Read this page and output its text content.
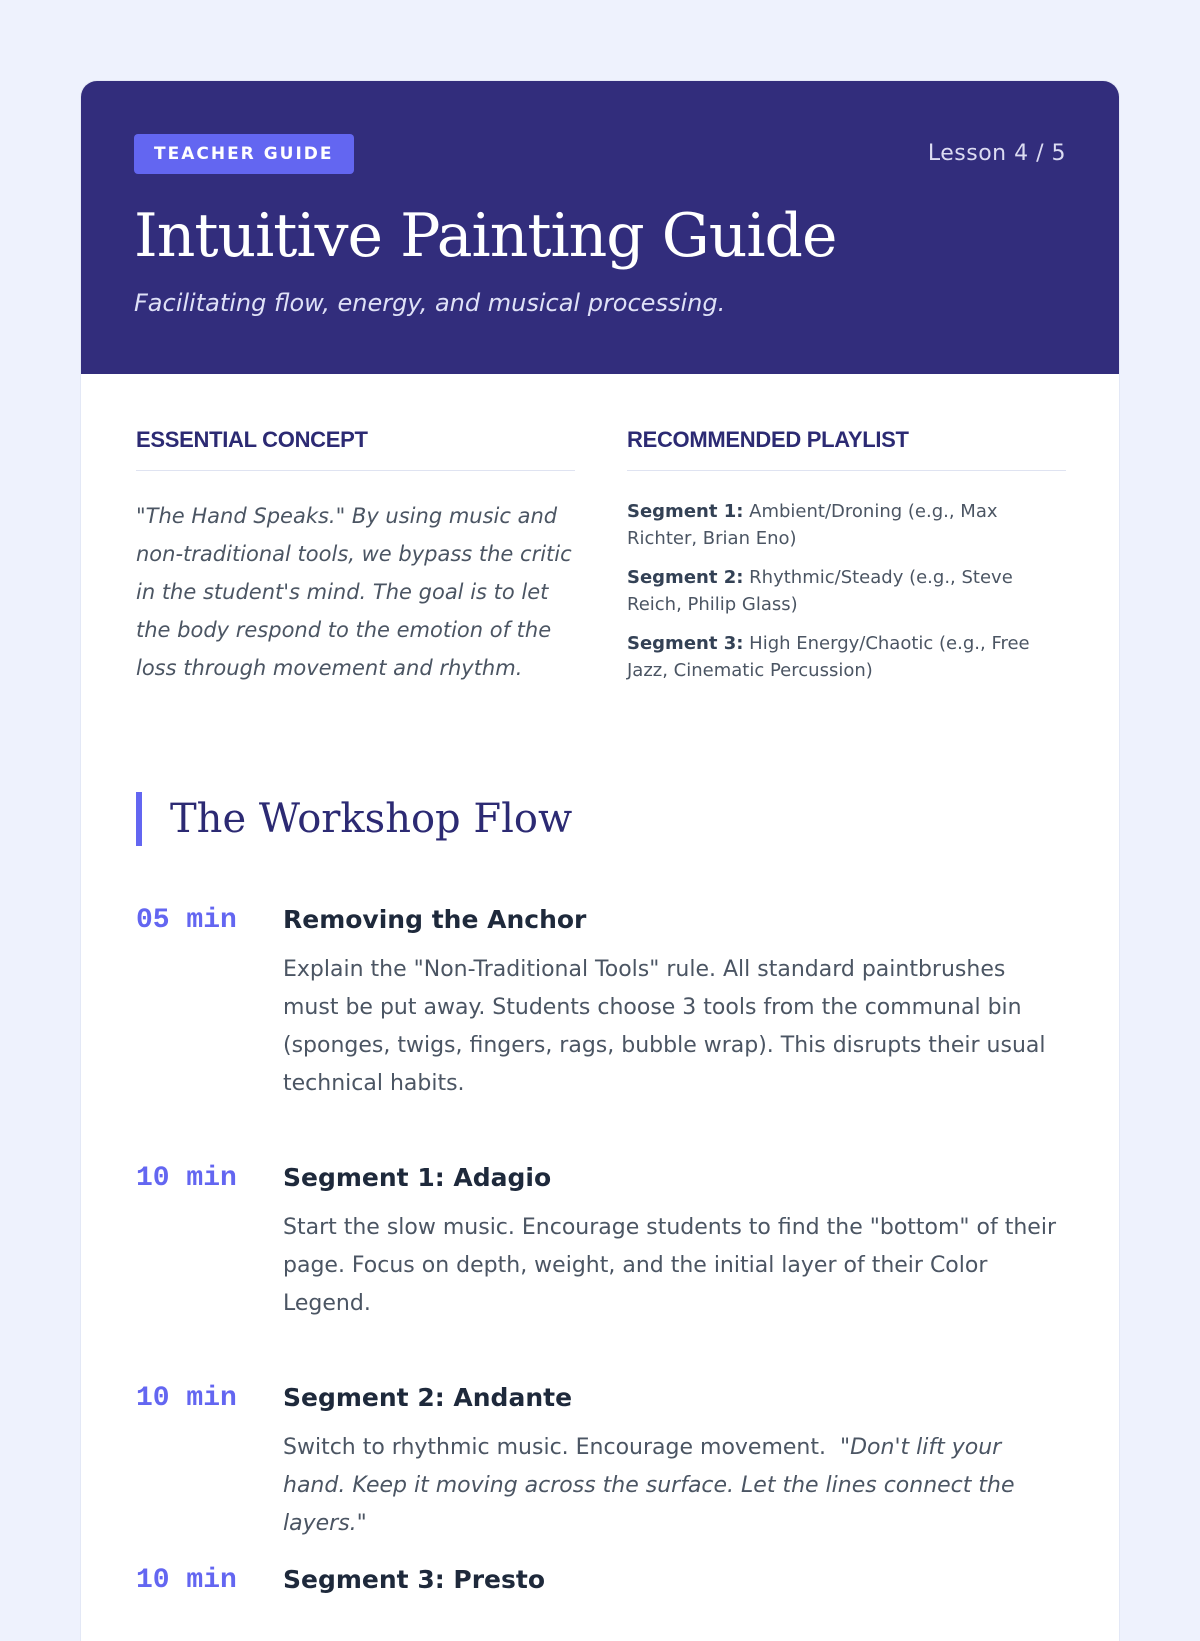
TEACHER GUIDE	Lesson 4 / 5
Intuitive Painting Guide

Facilitating flow, energy, and musical processing.

ESSENTIAL CONCEPT

"The Hand Speaks." By using music and non-traditional tools, we bypass the critic in the student's mind. The goal is to let the body respond to the emotion of the loss through movement and rhythm.

RECOMMENDED PLAYLIST
Segment 1: Ambient/Droning (e.g., Max Richter, Brian Eno)
Segment 2: Rhythmic/Steady (e.g., Steve Reich, Philip Glass)
Segment 3: High Energy/Chaotic (e.g., Free Jazz, Cinematic Percussion)
The Workshop Flow
05 min Removing the Anchor

Explain the "Non-Traditional Tools" rule. All standard paintbrushes must be put away. Students choose 3 tools from the communal bin (sponges, twigs, fingers, rags, bubble wrap). This disrupts their usual technical habits.

10 min Segment 1: Adagio

Start the slow music. Encourage students to find the "bottom" of their page. Focus on depth, weight, and the initial layer of their Color Legend.

10 min Segment 2: Andante

Switch to rhythmic music. Encourage movement. "Don't lift your hand. Keep it moving across the surface. Let the lines connect the layers."

10 min Segment 3: Presto
